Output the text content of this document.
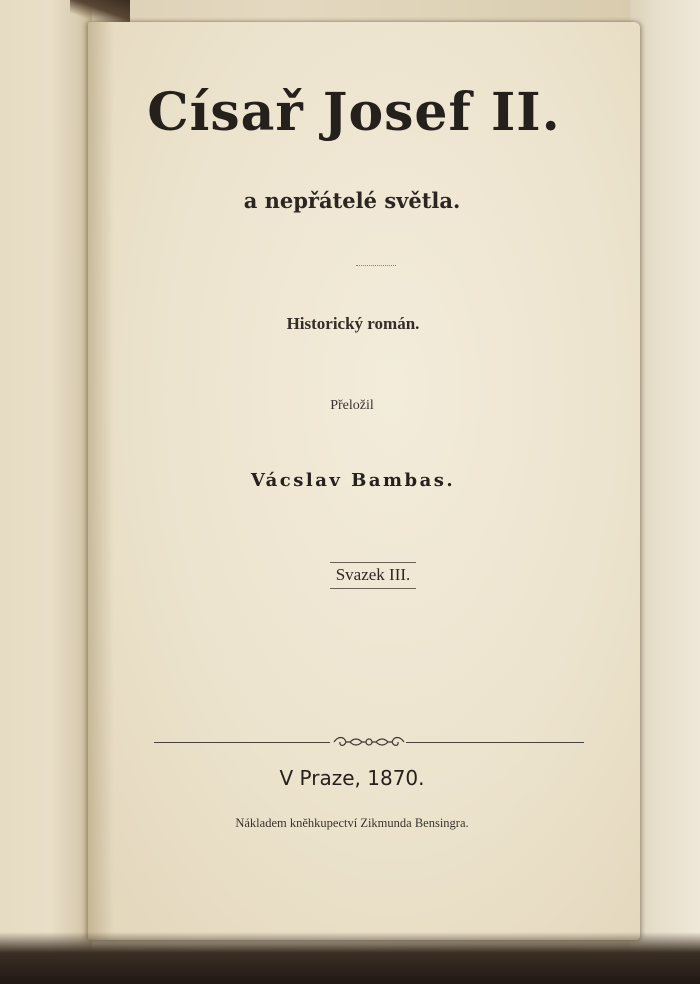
Císař Josef II.
a nepřátelé světla.
Historický román.
Přeložil
Vácslav Bambas.
Svazek III.
V Praze, 1870.
Nákladem kněhkupectví Zikmunda Bensingra.
